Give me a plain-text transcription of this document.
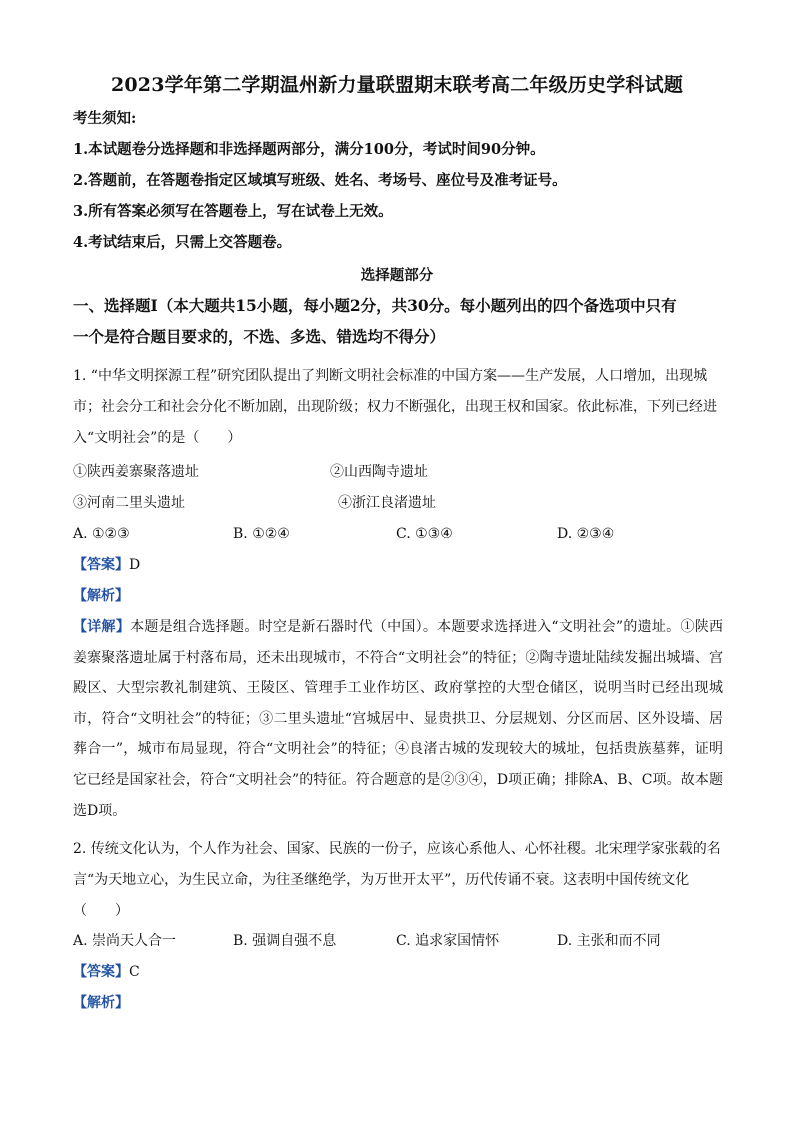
2023学年第二学期温州新力量联盟期末联考高二年级历史学科试题
考生须知:
1.本试题卷分选择题和非选择题两部分，满分100分，考试时间90分钟。
2.答题前，在答题卷指定区域填写班级、姓名、考场号、座位号及准考证号。
3.所有答案必须写在答题卷上，写在试卷上无效。
4.考试结束后，只需上交答题卷。
选择题部分
一、选择题Ⅰ（本大题共15小题，每小题2分，共30分。每小题列出的四个备选项中只有
一个是符合题目要求的，不选、多选、错选均不得分）
1. “中华文明探源工程”研究团队提出了判断文明社会标准的中国方案——生产发展，人口增加，出现城
市；社会分工和社会分化不断加剧，出现阶级；权力不断强化，出现王权和国家。依此标准，下列已经进
入“文明社会”的是（　　）
①陕西姜寨聚落遗址	②山西陶寺遗址
③河南二里头遗址	④浙江良渚遗址
A. ①②③	B. ①②④	C. ①③④	D. ②③④
【答案】D
【解析】
【详解】本题是组合选择题。时空是新石器时代（中国）。本题要求选择进入“文明社会”的遗址。①陕西姜寨聚落遗址属于村落布局，还未出现城市，不符合“文明社会”的特征；②陶寺遗址陆续发掘出城墙、宫殿区、大型宗教礼制建筑、王陵区、管理手工业作坊区、政府掌控的大型仓储区，说明当时已经出现城市，符合“文明社会”的特征；③二里头遗址“宫城居中、显贵拱卫、分层规划、分区而居、区外设墙、居葬合一”，城市布局显现，符合“文明社会”的特征；④良渚古城的发现较大的城址，包括贵族墓葬，证明它已经是国家社会，符合“文明社会”的特征。符合题意的是②③④，D项正确；排除A、B、C项。故本题选D项。
2. 传统文化认为，个人作为社会、国家、民族的一份子，应该心系他人、心怀社稷。北宋理学家张载的名
言“为天地立心，为生民立命，为往圣继绝学，为万世开太平”，历代传诵不衰。这表明中国传统文化
（　　）
A. 崇尚天人合一	B. 强调自强不息	C. 追求家国情怀	D. 主张和而不同
【答案】C
【解析】
